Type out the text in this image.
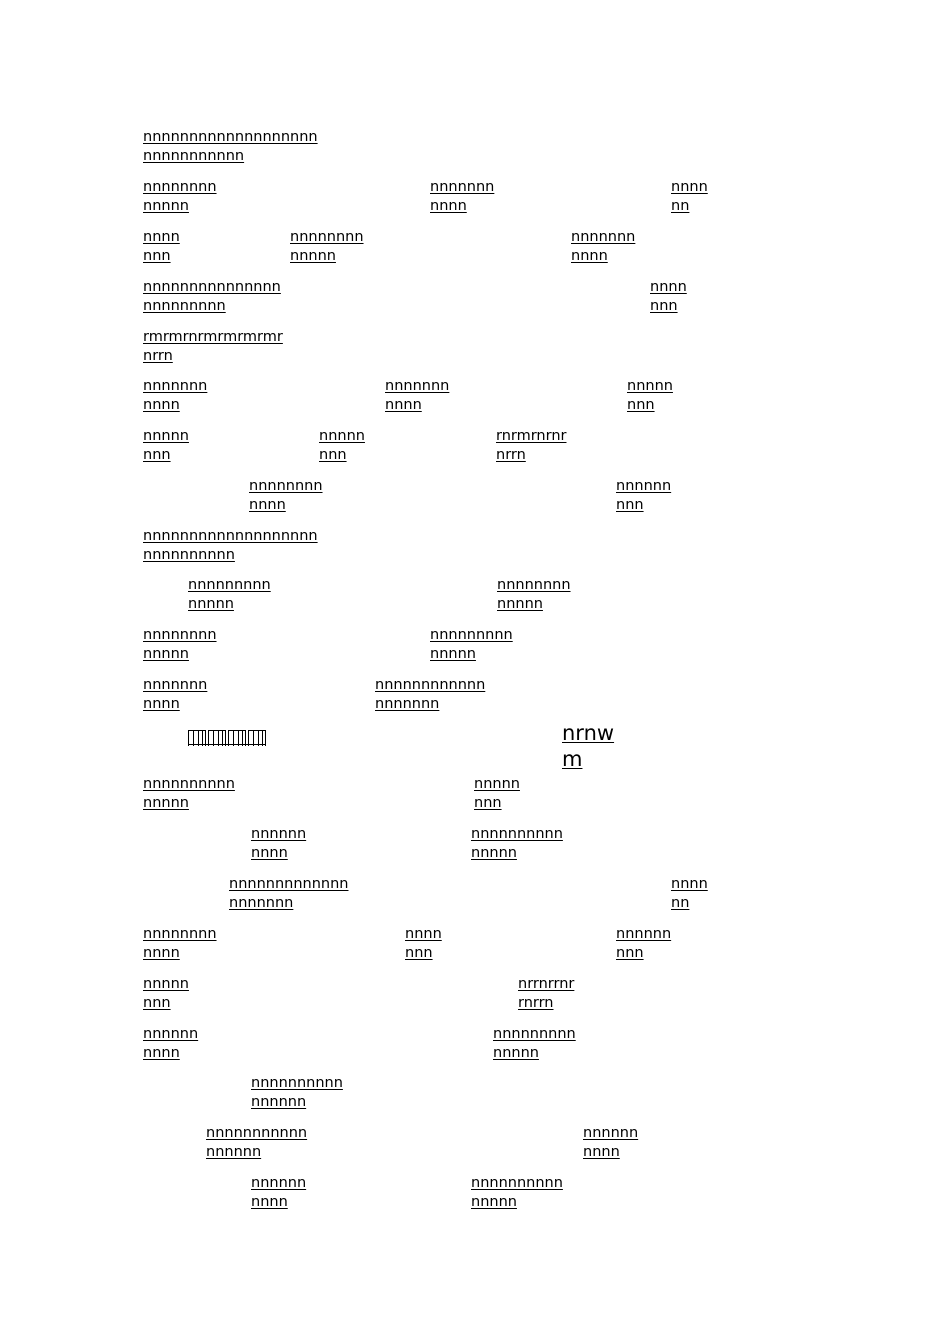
nnnnnnnnnnnnnnnnnnn
nnnnnnnnnnn
nnnnnnnn
nnnnn
nnnnnnn
nnnn
nnnn
nn
nnnn
nnn
nnnnnnnn
nnnnn
nnnnnnn
nnnn
nnnnnnnnnnnnnnn
nnnnnnnnn
nnnn
nnn
rmrmrnrmrmrmrmr
nrrn
nnnnnnn
nnnn
nnnnnnn
nnnn
nnnnn
nnn
nnnnn
nnn
nnnnn
nnn
rnrmrnrnr
nrrn
nnnnnnnn
nnnn
nnnnnn
nnn
nnnnnnnnnnnnnnnnnnn
nnnnnnnnnn
nnnnnnnnn
nnnnn
nnnnnnnn
nnnnn
nnnnnnnn
nnnnn
nnnnnnnnn
nnnnn
nnnnnnn
nnnn
nnnnnnnnnnnn
nnnnnnn
nrnw
m
nnnnnnnnnn
nnnnn
nnnnn
nnn
nnnnnn
nnnn
nnnnnnnnnn
nnnnn
nnnnnnnnnnnnn
nnnnnnn
nnnn
nn
nnnnnnnn
nnnn
nnnn
nnn
nnnnnn
nnn
nnnnn
nnn
nrrnrrnr
rnrrn
nnnnnn
nnnn
nnnnnnnnn
nnnnn
nnnnnnnnnn
nnnnnn
nnnnnnnnnnn
nnnnnn
nnnnnn
nnnn
nnnnnn
nnnn
nnnnnnnnnn
nnnnn
